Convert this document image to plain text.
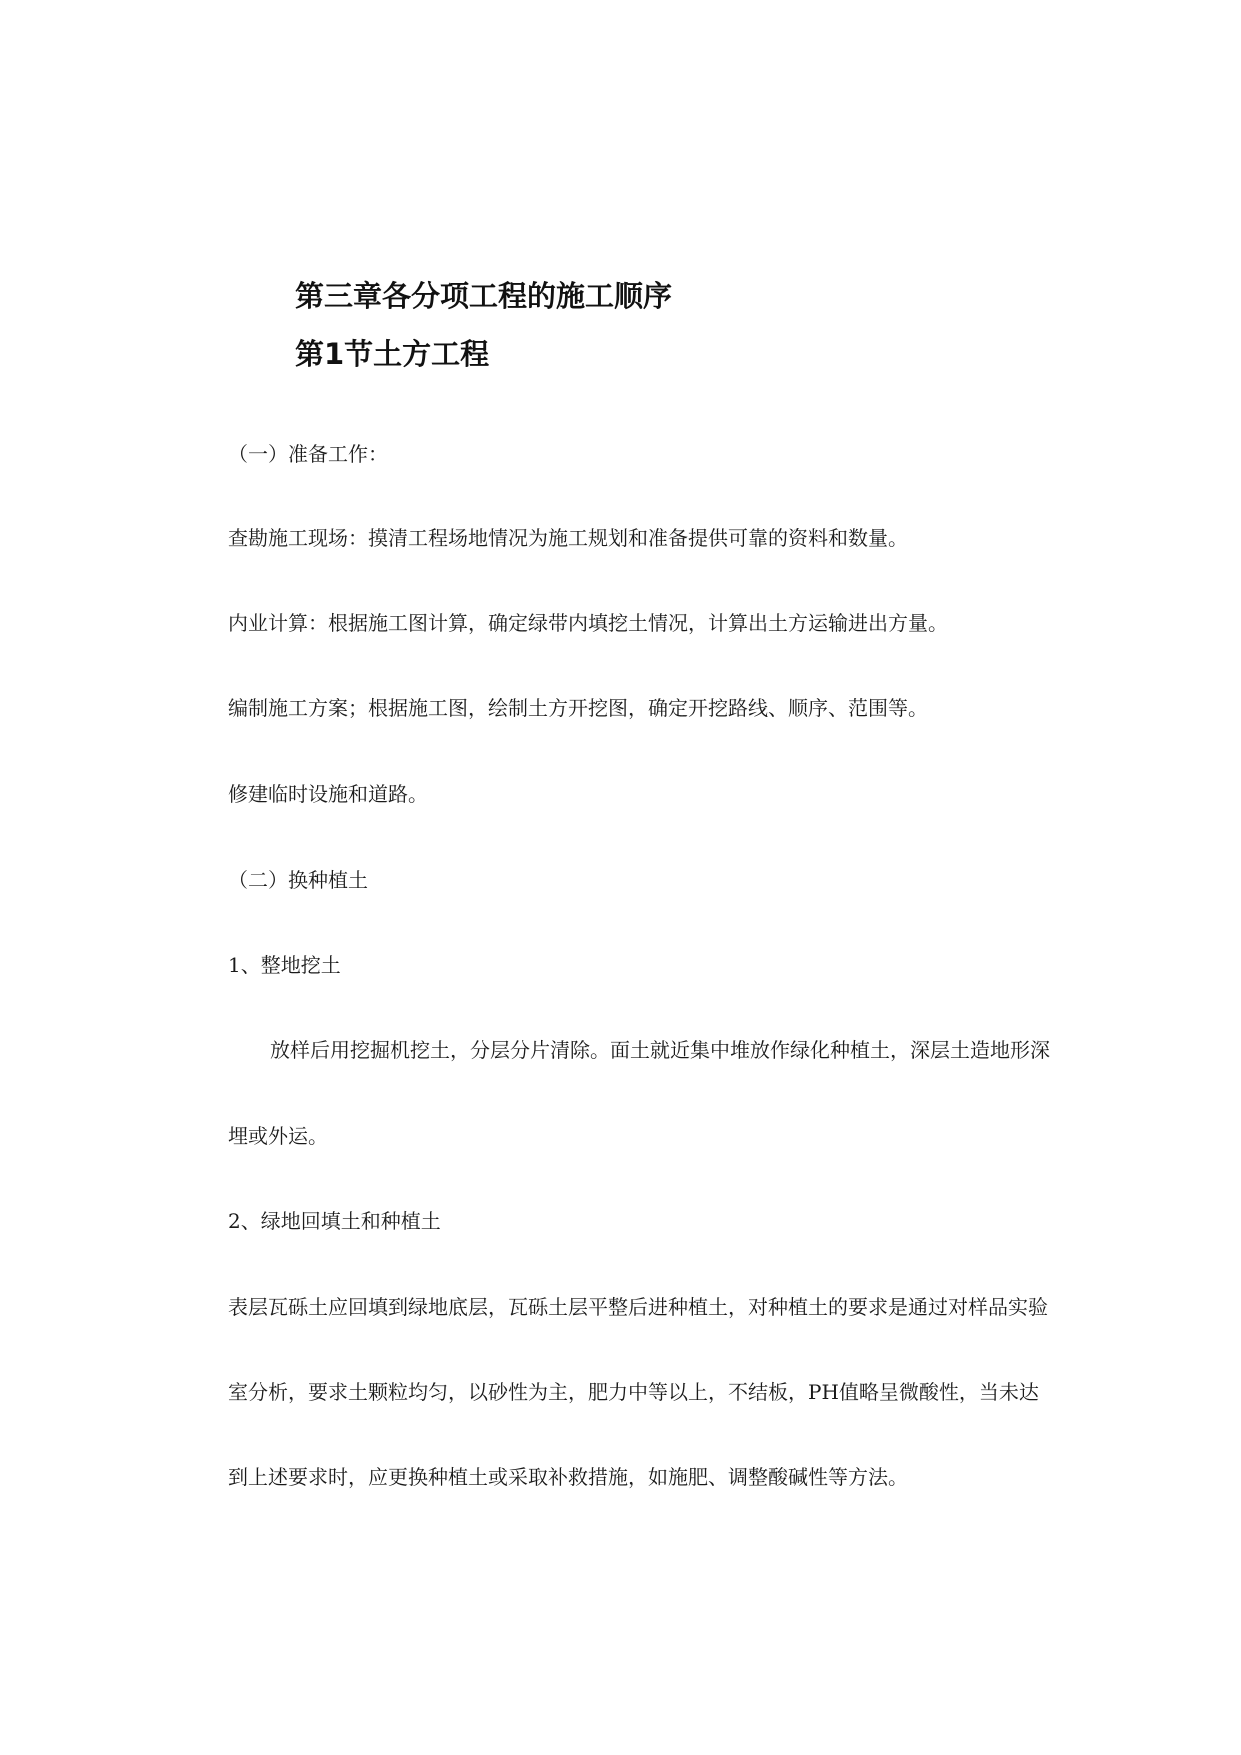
第三章各分项工程的施工顺序
第1节土方工程

（一）准备工作：

查勘施工现场：摸清工程场地情况为施工规划和准备提供可靠的资料和数量。

内业计算：根据施工图计算，确定绿带内填挖土情况，计算出土方运输进出方量。

编制施工方案；根据施工图，绘制土方开挖图，确定开挖路线、顺序、范围等。

修建临时设施和道路。

（二）换种植土

1、整地挖土

放样后用挖掘机挖土，分层分片清除。面土就近集中堆放作绿化种植土，深层土造地形深

埋或外运。

2、绿地回填土和种植土

表层瓦砾土应回填到绿地底层，瓦砾土层平整后进种植土，对种植土的要求是通过对样品实验

室分析，要求土颗粒均匀，以砂性为主，肥力中等以上，不结板，PH值略呈微酸性，当未达

到上述要求时，应更换种植土或采取补救措施，如施肥、调整酸碱性等方法。
